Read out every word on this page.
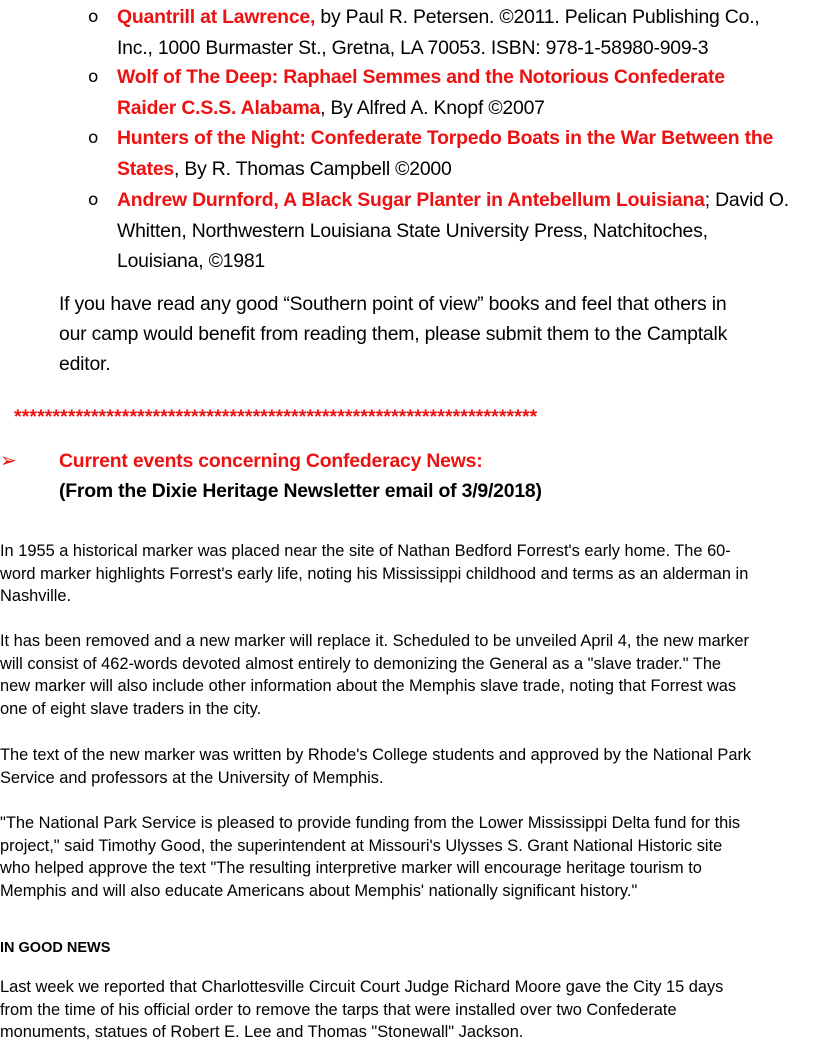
o Quantrill at Lawrence, by Paul R. Petersen. ©2011. Pelican Publishing Co.,
Inc., 1000 Burmaster St., Gretna, LA 70053. ISBN: 978-1-58980-909-3
o Wolf of The Deep: Raphael Semmes and the Notorious Confederate
Raider C.S.S. Alabama, By Alfred A. Knopf ©2007
o Hunters of the Night: Confederate Torpedo Boats in the War Between the
States, By R. Thomas Campbell ©2000
o Andrew Durnford, A Black Sugar Planter in Antebellum Louisiana; David O.
Whitten, Northwestern Louisiana State University Press, Natchitoches,
Louisiana, ©1981
If you have read any good “Southern point of view” books and feel that others in
our camp would benefit from reading them, please submit them to the Camptalk
editor.
********************************************************************
➢ Current events concerning Confederacy News:
(From the Dixie Heritage Newsletter email of 3/9/2018)
In 1955 a historical marker was placed near the site of Nathan Bedford Forrest's early home. The 60-
word marker highlights Forrest's early life, noting his Mississippi childhood and terms as an alderman in
Nashville.
It has been removed and a new marker will replace it. Scheduled to be unveiled April 4, the new marker
will consist of 462-words devoted almost entirely to demonizing the General as a "slave trader." The
new marker will also include other information about the Memphis slave trade, noting that Forrest was
one of eight slave traders in the city.
The text of the new marker was written by Rhode's College students and approved by the National Park
Service and professors at the University of Memphis.
"The National Park Service is pleased to provide funding from the Lower Mississippi Delta fund for this
project," said Timothy Good, the superintendent at Missouri's Ulysses S. Grant National Historic site
who helped approve the text "The resulting interpretive marker will encourage heritage tourism to
Memphis and will also educate Americans about Memphis' nationally significant history."
IN GOOD NEWS
Last week we reported that Charlottesville Circuit Court Judge Richard Moore gave the City 15 days
from the time of his official order to remove the tarps that were installed over two Confederate
monuments, statues of Robert E. Lee and Thomas "Stonewall" Jackson.
